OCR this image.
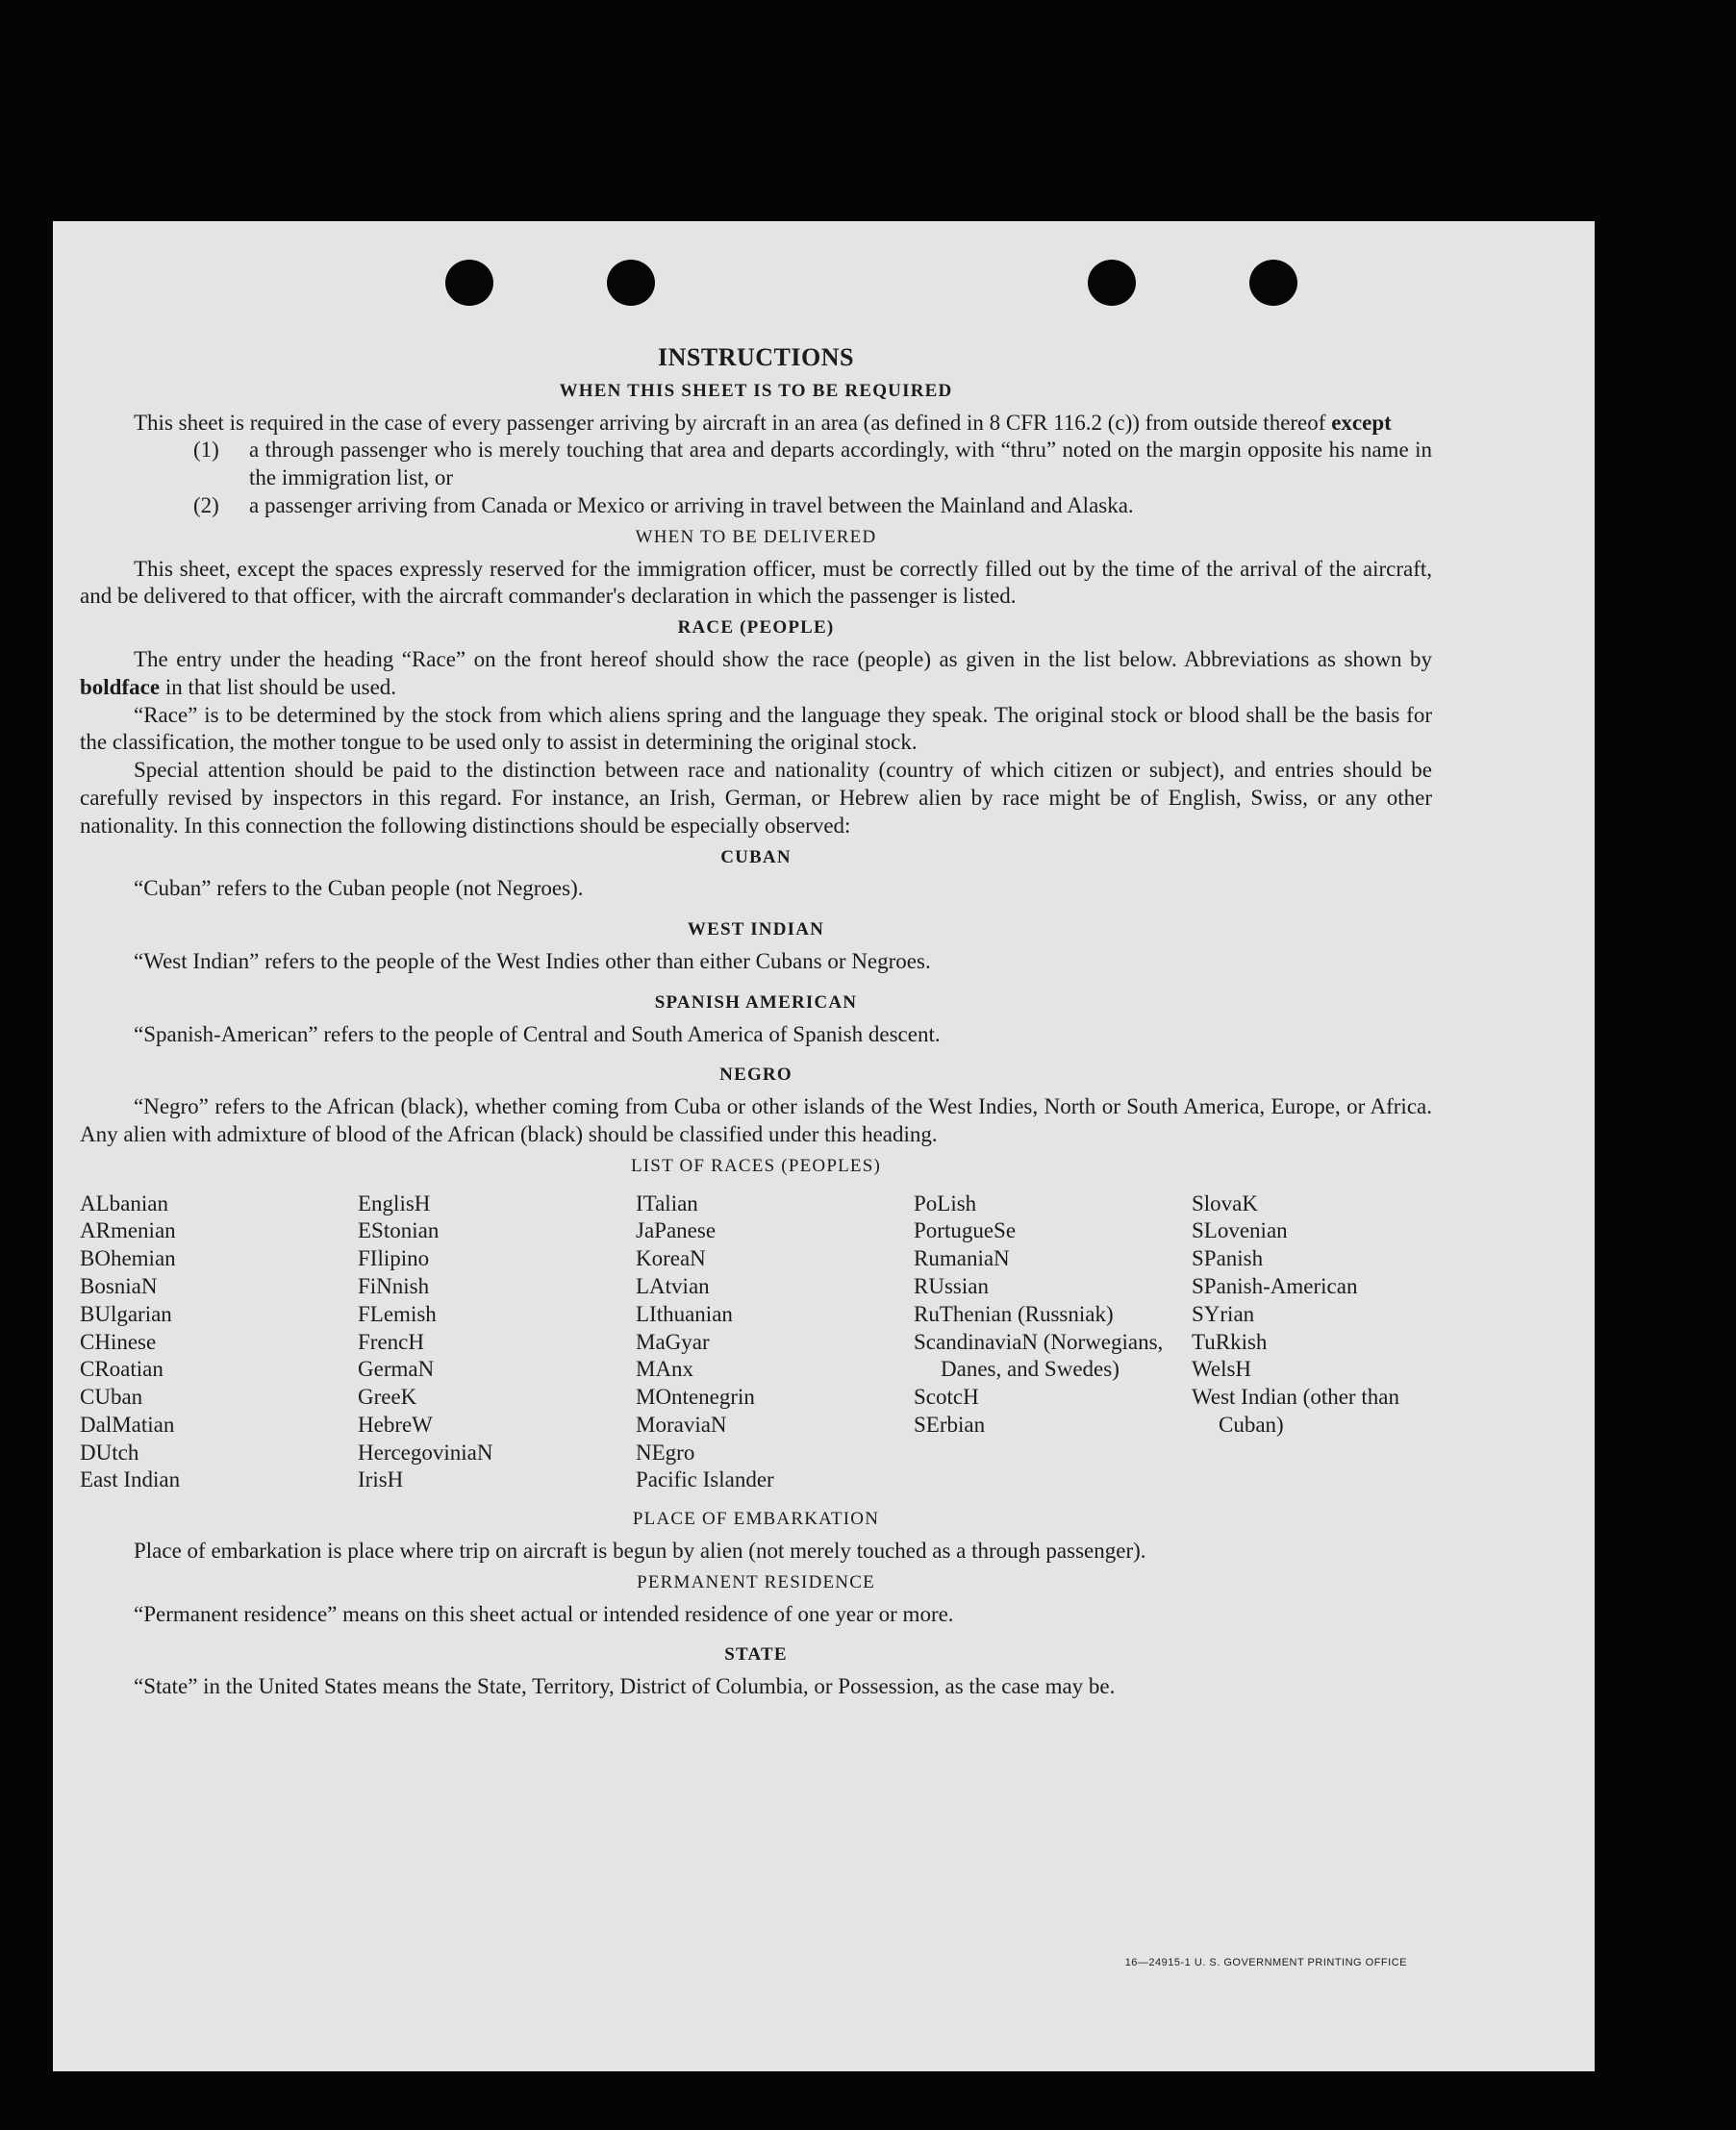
INSTRUCTIONS
WHEN THIS SHEET IS TO BE REQUIRED

This sheet is required in the case of every passenger arriving by aircraft in an area (as defined in 8 CFR 116.2 (c)) from outside thereof except

(1)	a through passenger who is merely touching that area and departs accordingly, with “thru” noted on the margin opposite his name in the immigration list, or
(2)	a passenger arriving from Canada or Mexico or arriving in travel between the Mainland and Alaska.
WHEN TO BE DELIVERED

This sheet, except the spaces expressly reserved for the immigration officer, must be correctly filled out by the time of the arrival of the aircraft, and be delivered to that officer, with the aircraft commander's declaration in which the passenger is listed.

RACE (PEOPLE)

The entry under the heading “Race” on the front hereof should show the race (people) as given in the list below. Abbreviations as shown by boldface in that list should be used.

“Race” is to be determined by the stock from which aliens spring and the language they speak. The original stock or blood shall be the basis for the classification, the mother tongue to be used only to assist in determining the original stock.

Special attention should be paid to the distinction between race and nationality (country of which citizen or subject), and entries should be carefully revised by inspectors in this regard. For instance, an Irish, German, or Hebrew alien by race might be of English, Swiss, or any other nationality. In this connection the following distinctions should be especially observed:

CUBAN

“Cuban” refers to the Cuban people (not Negroes).

WEST INDIAN

“West Indian” refers to the people of the West Indies other than either Cubans or Negroes.

SPANISH AMERICAN

“Spanish-American” refers to the people of Central and South America of Spanish descent.

NEGRO

“Negro” refers to the African (black), whether coming from Cuba or other islands of the West Indies, North or South America, Europe, or Africa. Any alien with admixture of blood of the African (black) should be classified under this heading.

LIST OF RACES (PEOPLES)
ALbanian
ARmenian
BOhemian
BosniaN
BUlgarian
CHinese
CRoatian
CUban
DalMatian
DUtch
East Indian
EnglisH
EStonian
FIlipino
FiNnish
FLemish
FrencH
GermaN
GreeK
HebreW
HercegoviniaN
IrisH
ITalian
JaPanese
KoreaN
LAtvian
LIthuanian
MaGyar
MAnx
MOntenegrin
MoraviaN
NEgro
Pacific Islander
PoLish
PortugueSe
RumaniaN
RUssian
RuThenian (Russniak)
ScandinaviaN (Norwegians, Danes, and Swedes)
ScotcH
SErbian
SlovaK
SLovenian
SPanish
SPanish-American
SYrian
TuRkish
WelsH
West Indian (other than Cuban)
PLACE OF EMBARKATION

Place of embarkation is place where trip on aircraft is begun by alien (not merely touched as a through passenger).

PERMANENT RESIDENCE

“Permanent residence” means on this sheet actual or intended residence of one year or more.

STATE

“State” in the United States means the State, Territory, District of Columbia, or Possession, as the case may be.

16—24915-1 U. S. GOVERNMENT PRINTING OFFICE
